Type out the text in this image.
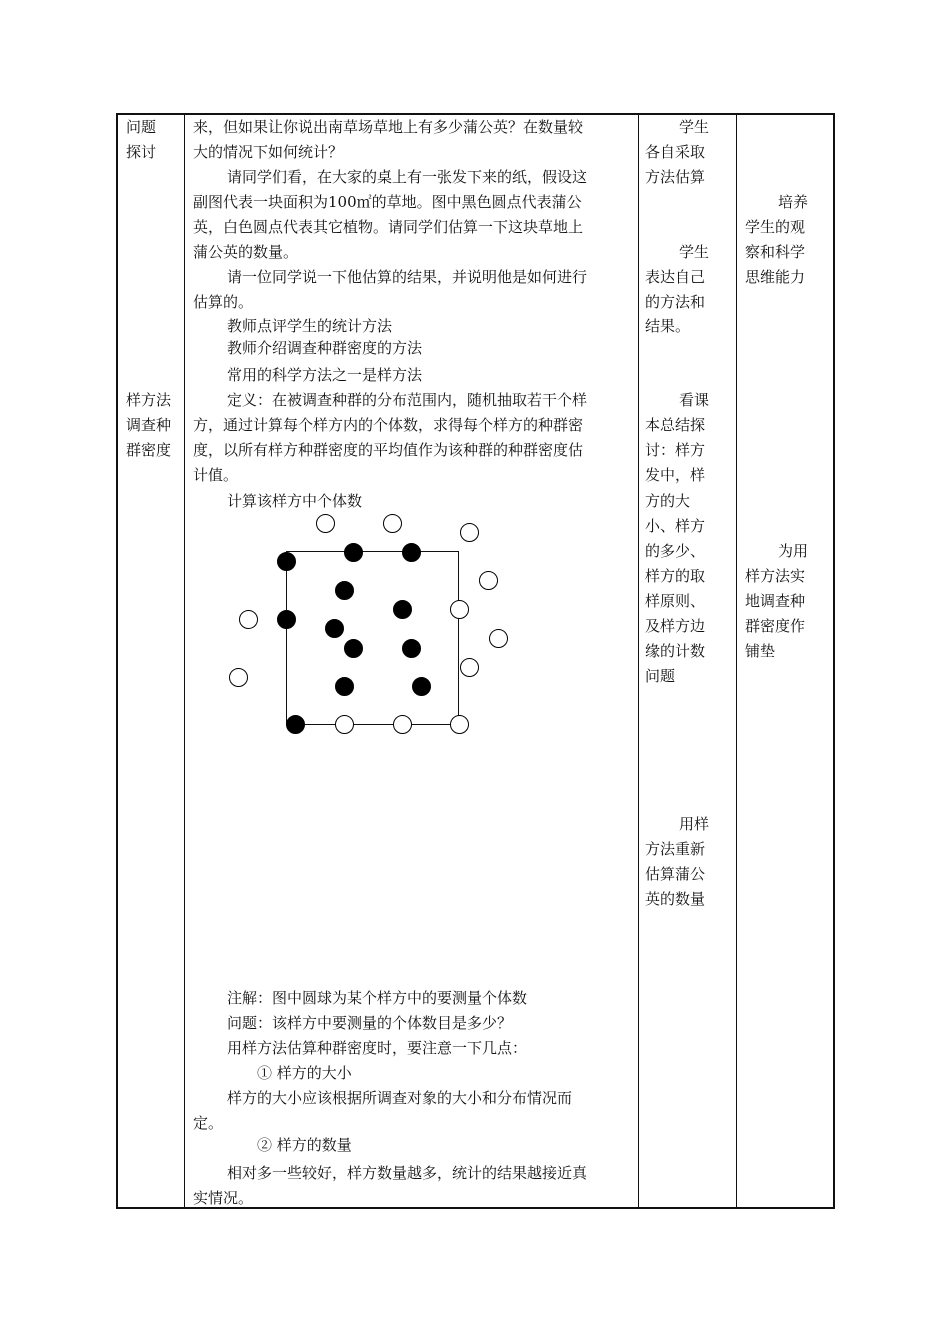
问题
探讨
样方法
调查种
群密度
来，但如果让你说出南草场草地上有多少蒲公英？在数量较
大的情况下如何统计？
请同学们看，在大家的桌上有一张发下来的纸，假设这
副图代表一块面积为100㎡的草地。图中黑色圆点代表蒲公
英，白色圆点代表其它植物。请同学们估算一下这块草地上
蒲公英的数量。
请一位同学说一下他估算的结果，并说明他是如何进行
估算的。
教师点评学生的统计方法
教师介绍调查种群密度的方法
常用的科学方法之一是样方法
定义：在被调查种群的分布范围内，随机抽取若干个样
方，通过计算每个样方内的个体数，求得每个样方的种群密
度，以所有样方种群密度的平均值作为该种群的种群密度估
计值。
计算该样方中个体数
注解：图中圆球为某个样方中的要测量个体数
问题：该样方中要测量的个体数目是多少？
用样方法估算种群密度时，要注意一下几点：
① 样方的大小
样方的大小应该根据所调查对象的大小和分布情况而
定。
② 样方的数量
相对多一些较好，样方数量越多，统计的结果越接近真
实情况。
学生
各自采取
方法估算
学生
表达自己
的方法和
结果。
看课
本总结探
讨：样方
发中，样
方的大
小、样方
的多少、
样方的取
样原则、
及样方边
缘的计数
问题
用样
方法重新
估算蒲公
英的数量
培养
学生的观
察和科学
思维能力
为用
样方法实
地调查种
群密度作
铺垫
